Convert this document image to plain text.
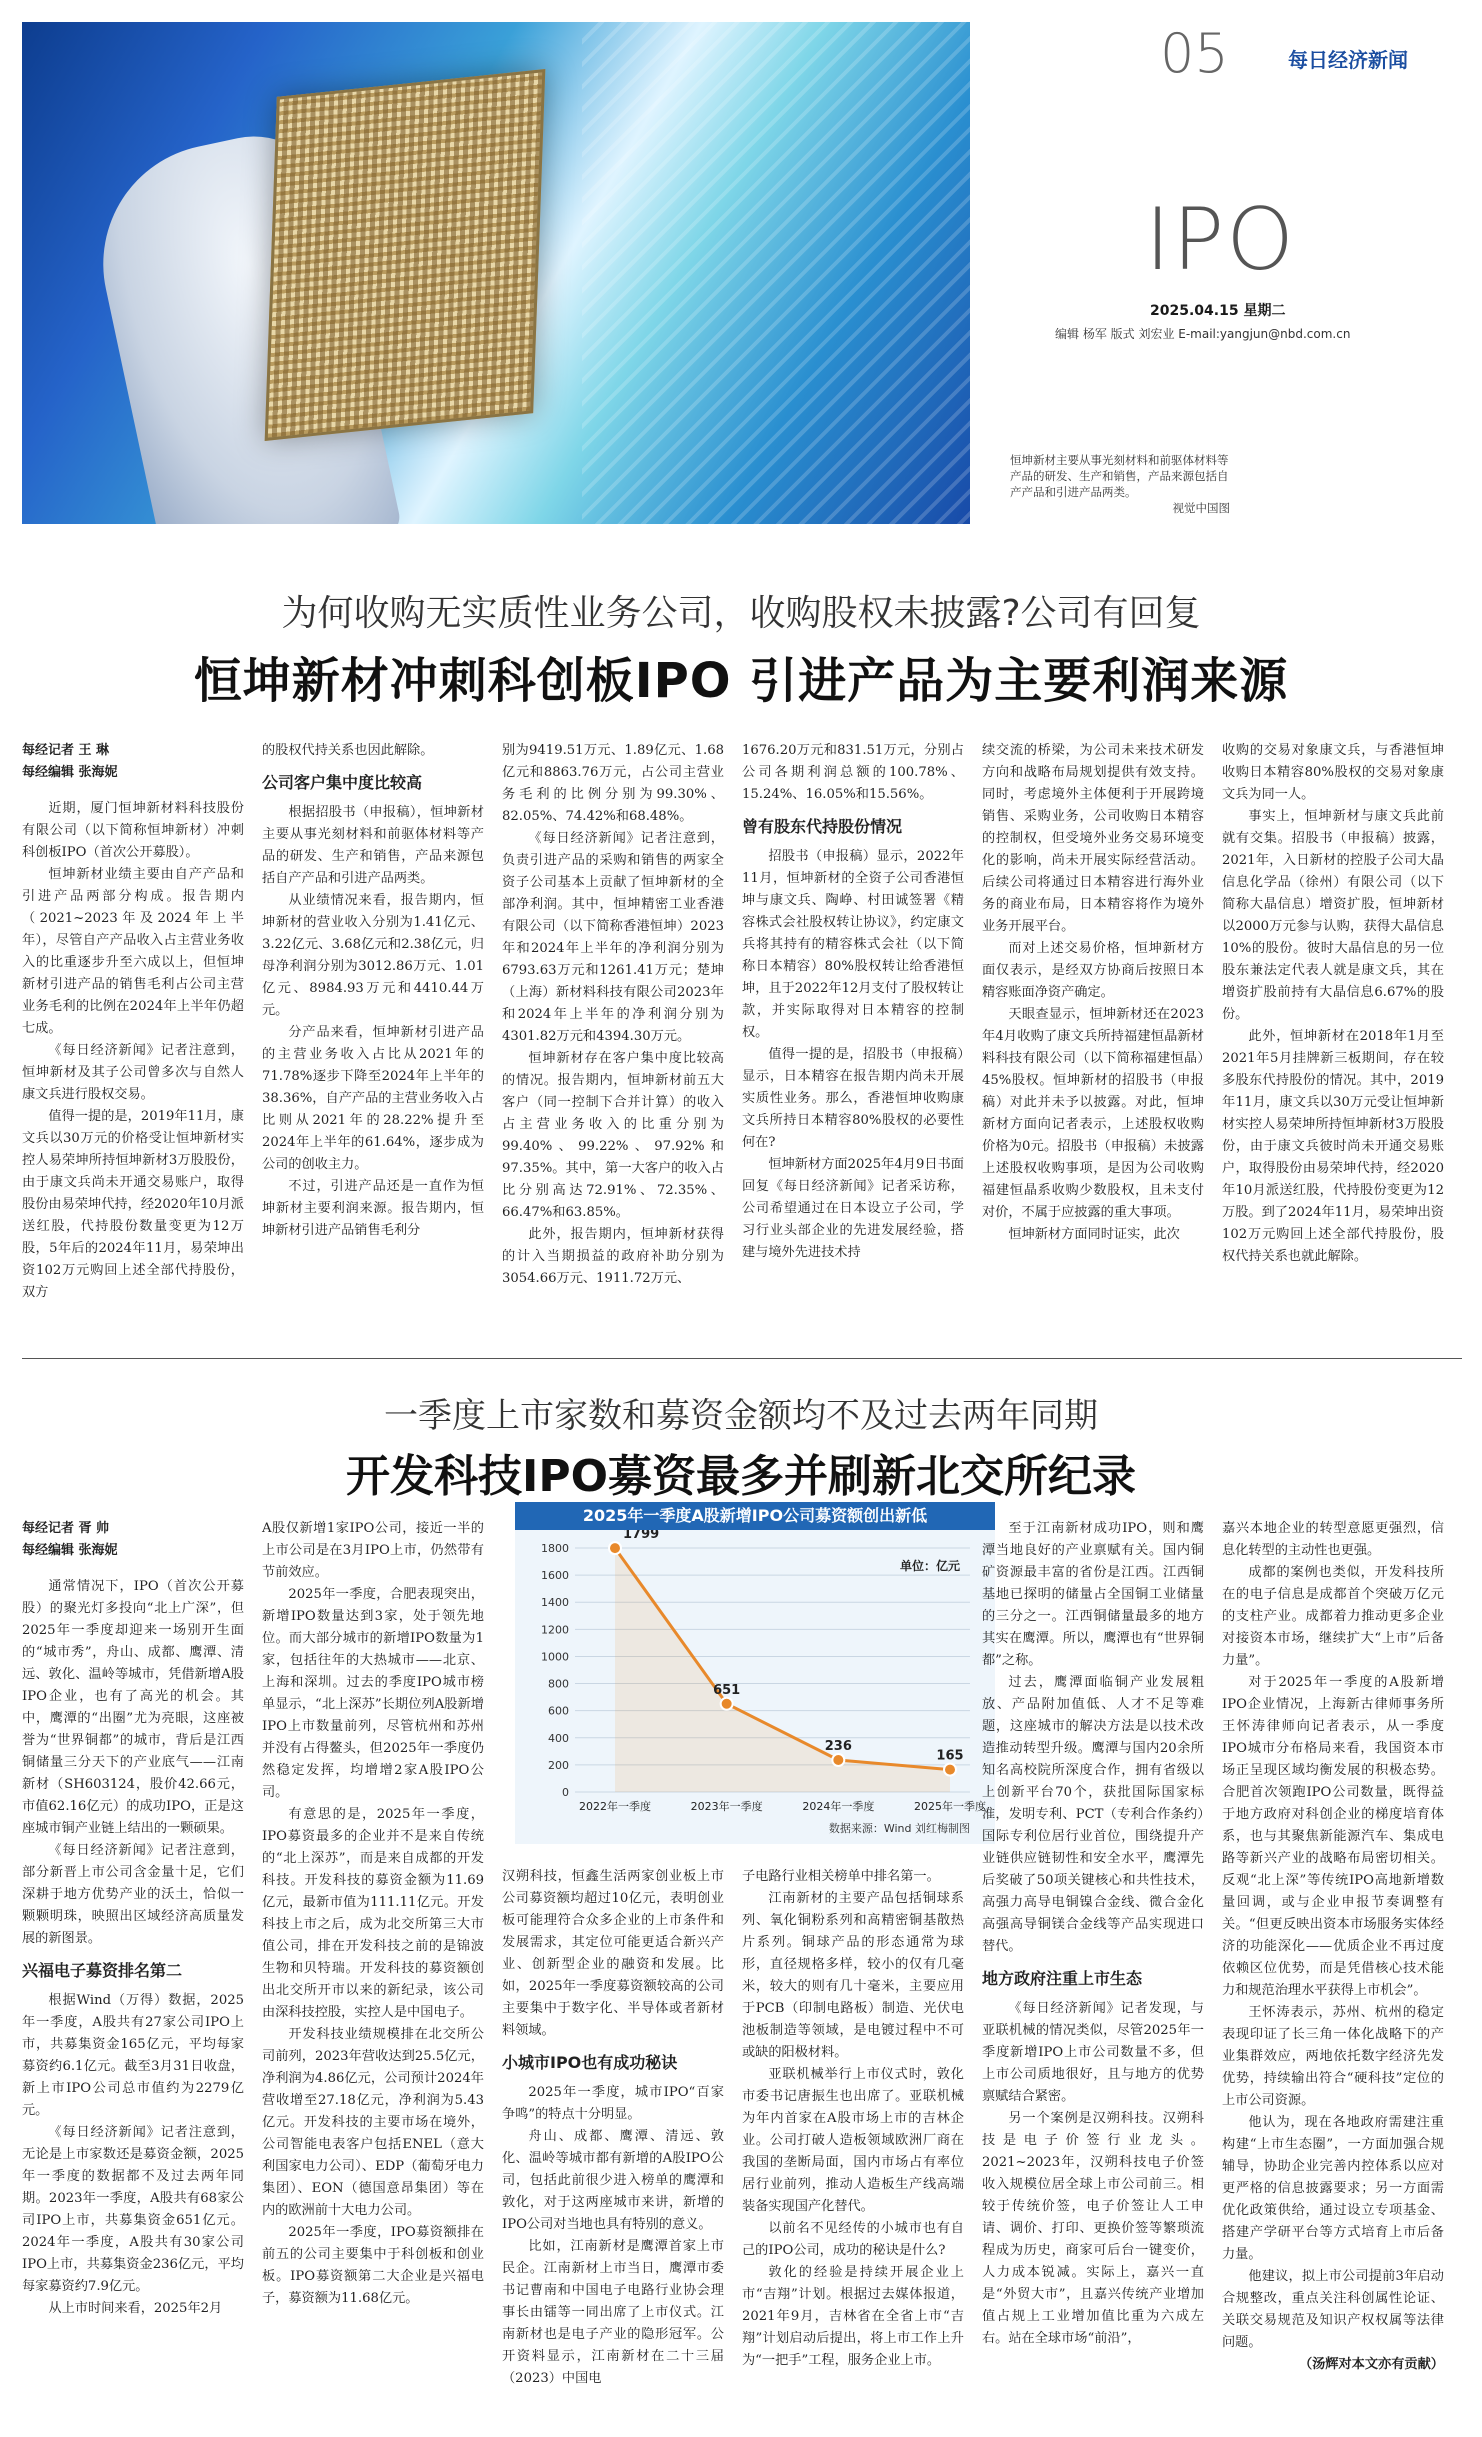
05	每日经济新闻
IPO
2025.04.15 星期二
编辑 杨军 版式 刘宏业 E-mail:yangjun@nbd.com.cn
恒坤新材主要从事光刻材料和前驱体材料等产品的研发、生产和销售，产品来源包括自产产品和引进产品两类。
视觉中国图
为何收购无实质性业务公司，收购股权未披露?公司有回复
恒坤新材冲刺科创板IPO 引进产品为主要利润来源

每经记者 王 琳

每经编辑 张海妮

近期，厦门恒坤新材料科技股份有限公司（以下简称恒坤新材）冲刺科创板IPO（首次公开募股）。

恒坤新材业绩主要由自产产品和引进产品两部分构成。报告期内（2021~2023年及2024年上半年），尽管自产产品收入占主营业务收入的比重逐步升至六成以上，但恒坤新材引进产品的销售毛利占公司主营业务毛利的比例在2024年上半年仍超七成。

《每日经济新闻》记者注意到，恒坤新材及其子公司曾多次与自然人康文兵进行股权交易。

值得一提的是，2019年11月，康文兵以30万元的价格受让恒坤新材实控人易荣坤所持恒坤新材3万股股份，由于康文兵尚未开通交易账户，取得股份由易荣坤代持，经2020年10月派送红股，代持股份数量变更为12万股，5年后的2024年11月，易荣坤出资102万元购回上述全部代持股份，双方

的股权代持关系也因此解除。

公司客户集中度比较高

根据招股书（申报稿），恒坤新材主要从事光刻材料和前驱体材料等产品的研发、生产和销售，产品来源包括自产产品和引进产品两类。

从业绩情况来看，报告期内，恒坤新材的营业收入分别为1.41亿元、3.22亿元、3.68亿元和2.38亿元，归母净利润分别为3012.86万元、1.01亿元、8984.93万元和4410.44万元。

分产品来看，恒坤新材引进产品的主营业务收入占比从2021年的71.78%逐步下降至2024年上半年的38.36%，自产产品的主营业务收入占比则从2021年的28.22%提升至2024年上半年的61.64%，逐步成为公司的创收主力。

不过，引进产品还是一直作为恒坤新材主要利润来源。报告期内，恒坤新材引进产品销售毛利分

别为9419.51万元、1.89亿元、1.68亿元和8863.76万元，占公司主营业务毛利的比例分别为99.30%、82.05%、74.42%和68.48%。

《每日经济新闻》记者注意到，负责引进产品的采购和销售的两家全资子公司基本上贡献了恒坤新材的全部净利润。其中，恒坤精密工业香港有限公司（以下简称香港恒坤）2023年和2024年上半年的净利润分别为6793.63万元和1261.41万元；楚坤（上海）新材料科技有限公司2023年和2024年上半年的净利润分别为4301.82万元和4394.30万元。

恒坤新材存在客户集中度比较高的情况。报告期内，恒坤新材前五大客户（同一控制下合并计算）的收入占主营业务收入的比重分别为99.40%、99.22%、97.92%和97.35%。其中，第一大客户的收入占比分别高达72.91%、72.35%、66.47%和63.85%。

此外，报告期内，恒坤新材获得的计入当期损益的政府补助分别为3054.66万元、1911.72万元、

1676.20万元和831.51万元，分别占公司各期利润总额的100.78%、15.24%、16.05%和15.56%。

曾有股东代持股份情况

招股书（申报稿）显示，2022年11月，恒坤新材的全资子公司香港恒坤与康文兵、陶峥、村田诚签署《精容株式会社股权转让协议》，约定康文兵将其持有的精容株式会社（以下简称日本精容）80%股权转让给香港恒坤，且于2022年12月支付了股权转让款，并实际取得对日本精容的控制权。

值得一提的是，招股书（申报稿）显示，日本精容在报告期内尚未开展实质性业务。那么，香港恒坤收购康文兵所持日本精容80%股权的必要性何在?

恒坤新材方面2025年4月9日书面回复《每日经济新闻》记者采访称，公司希望通过在日本设立子公司，学习行业头部企业的先进发展经验，搭建与境外先进技术持

续交流的桥梁，为公司未来技术研发方向和战略布局规划提供有效支持。同时，考虑境外主体便利于开展跨境销售、采购业务，公司收购日本精容的控制权，但受境外业务交易环境变化的影响，尚未开展实际经营活动。后续公司将通过日本精容进行海外业务的商业布局，日本精容将作为境外业务开展平台。

而对上述交易价格，恒坤新材方面仅表示，是经双方协商后按照日本精容账面净资产确定。

天眼查显示，恒坤新材还在2023年4月收购了康文兵所持福建恒晶新材料科技有限公司（以下简称福建恒晶）45%股权。恒坤新材的招股书（申报稿）对此并未予以披露。对此，恒坤新材方面向记者表示，上述股权收购价格为0元。招股书（申报稿）未披露上述股权收购事项，是因为公司收购福建恒晶系收购少数股权，且未支付对价，不属于应披露的重大事项。

恒坤新材方面同时证实，此次

收购的交易对象康文兵，与香港恒坤收购日本精容80%股权的交易对象康文兵为同一人。

事实上，恒坤新材与康文兵此前就有交集。招股书（申报稿）披露，2021年，入日新材的控股子公司大晶信息化学品（徐州）有限公司（以下简称大晶信息）增资扩股，恒坤新材以2000万元参与认购，获得大晶信息10%的股份。彼时大晶信息的另一位股东兼法定代表人就是康文兵，其在增资扩股前持有大晶信息6.67%的股份。

此外，恒坤新材在2018年1月至2021年5月挂牌新三板期间，存在较多股东代持股份的情况。其中，2019年11月，康文兵以30万元受让恒坤新材实控人易荣坤所持恒坤新材3万股股份，由于康文兵彼时尚未开通交易账户，取得股份由易荣坤代持，经2020年10月派送红股，代持股份变更为12万股。到了2024年11月，易荣坤出资102万元购回上述全部代持股份，股权代持关系也就此解除。

一季度上市家数和募资金额均不及过去两年同期
开发科技IPO募资最多并刷新北交所纪录

每经记者 胥 帅

每经编辑 张海妮

通常情况下，IPO（首次公开募股）的聚光灯多投向“北上广深”，但2025年一季度却迎来一场别开生面的“城市秀”，舟山、成都、鹰潭、清远、敦化、温岭等城市，凭借新增A股IPO企业，也有了高光的机会。其中，鹰潭的“出圈”尤为亮眼，这座被誉为“世界铜都”的城市，背后是江西铜储量三分天下的产业底气——江南新材（SH603124，股价42.66元，市值62.16亿元）的成功IPO，正是这座城市铜产业链上结出的一颗硕果。

《每日经济新闻》记者注意到，部分新晋上市公司含金量十足，它们深耕于地方优势产业的沃土，恰似一颗颗明珠，映照出区域经济高质量发展的新图景。

兴福电子募资排名第二

根据Wind（万得）数据，2025年一季度，A股共有27家公司IPO上市，共募集资金165亿元，平均每家募资约6.1亿元。截至3月31日收盘，新上市IPO公司总市值约为2279亿元。

《每日经济新闻》记者注意到，无论是上市家数还是募资金额，2025年一季度的数据都不及过去两年同期。2023年一季度，A股共有68家公司IPO上市，共募集资金651亿元。2024年一季度，A股共有30家公司IPO上市，共募集资金236亿元，平均每家募资约7.9亿元。

从上市时间来看，2025年2月

A股仅新增1家IPO公司，接近一半的上市公司是在3月IPO上市，仍然带有节前效应。

2025年一季度，合肥表现突出，新增IPO数量达到3家，处于领先地位。而大部分城市的新增IPO数量为1家，包括往年的大热城市——北京、上海和深圳。过去的季度IPO城市榜单显示，“北上深苏”长期位列A股新增IPO上市数量前列，尽管杭州和苏州并没有占得鳌头，但2025年一季度仍然稳定发挥，均增增2家A股IPO公司。

有意思的是，2025年一季度，IPO募资最多的企业并不是来自传统的“北上深苏”，而是来自成都的开发科技。开发科技的募资金额为11.69亿元，最新市值为111.11亿元。开发科技上市之后，成为北交所第三大市值公司，排在开发科技之前的是锦波生物和贝特瑞。开发科技的募资额创出北交所开市以来的新纪录，该公司由深科技控股，实控人是中国电子。

开发科技业绩规模排在北交所公司前列，2023年营收达到25.5亿元，净利润为4.86亿元，公司预计2024年营收增至27.18亿元，净利润为5.43亿元。开发科技的主要市场在境外，公司智能电表客户包括ENEL（意大利国家电力公司）、EDP（葡萄牙电力集团）、EON（德国意昂集团）等在内的欧洲前十大电力公司。

2025年一季度，IPO募资额排在前五的公司主要集中于科创板和创业板。IPO募资额第二大企业是兴福电子，募资额为11.68亿元。

2025年一季度A股新增IPO公司募资额创出新低
0
200
400
600
800
1000
1200
1400
1600
1800
单位：亿元
1799
2022年一季度
651
2023年一季度
236
2024年一季度
165
2025年一季度
数据来源：Wind 刘红梅制图

汉朔科技，恒鑫生活两家创业板上市公司募资额均超过10亿元，表明创业板可能理符合众多企业的上市条件和发展需求，其定位可能更适合新兴产业、创新型企业的融资和发展。比如，2025年一季度募资额较高的公司主要集中于数字化、半导体或者新材料领域。

小城市IPO也有成功秘诀

2025年一季度，城市IPO“百家争鸣”的特点十分明显。

舟山、成都、鹰潭、清远、敦化、温岭等城市都有新增的A股IPO公司，包括此前很少进入榜单的鹰潭和敦化，对于这两座城市来讲，新增的IPO公司对当地也具有特别的意义。

比如，江南新材是鹰潭首家上市民企。江南新材上市当日，鹰潭市委书记曹南和中国电子电路行业协会理事长由镭等一同出席了上市仪式。江南新材也是电子产业的隐形冠军。公开资料显示，江南新材在二十三届（2023）中国电

子电路行业相关榜单中排名第一。

江南新材的主要产品包括铜球系列、氧化铜粉系列和高精密铜基散热片系列。铜球产品的形态通常为球形，直径规格多样，较小的仅有几毫米，较大的则有几十毫米，主要应用于PCB（印制电路板）制造、光伏电池板制造等领域，是电镀过程中不可或缺的阳极材料。

亚联机械举行上市仪式时，敦化市委书记唐振生也出席了。亚联机械为年内首家在A股市场上市的吉林企业。公司打破人造板领域欧洲厂商在我国的垄断局面，国内市场占有率位居行业前列，推动人造板生产线高端装备实现国产化替代。

以前名不见经传的小城市也有自己的IPO公司，成功的秘诀是什么?

敦化的经验是持续开展企业上市“吉翔”计划。根据过去媒体报道，2021年9月，吉林省在全省上市“吉翔”计划启动后提出，将上市工作上升为“一把手”工程，服务企业上市。

至于江南新材成功IPO，则和鹰潭当地良好的产业禀赋有关。国内铜矿资源最丰富的省份是江西。江西铜基地已探明的储量占全国铜工业储量的三分之一。江西铜储量最多的地方其实在鹰潭。所以，鹰潭也有“世界铜都”之称。

过去，鹰潭面临铜产业发展粗放、产品附加值低、人才不足等难题，这座城市的解决方法是以技术改造推动转型升级。鹰潭与国内20余所知名高校院所深度合作，拥有省级以上创新平台70个，获批国际国家标准，发明专利、PCT（专利合作条约）国际专利位居行业首位，围绕提升产业链供应链韧性和安全水平，鹰潭先后奖破了50项关键核心和共性技术，高强力高导电铜镍合金线、微合金化高强高导铜镁合金线等产品实现进口替代。

地方政府注重上市生态

《每日经济新闻》记者发现，与亚联机械的情况类似，尽管2025年一季度新增IPO上市公司数量不多，但上市公司质地很好，且与地方的优势禀赋结合紧密。

另一个案例是汉朔科技。汉朔科技是电子价签行业龙头。2021~2023年，汉朔科技电子价签收入规模位居全球上市公司前三。相较于传统价签，电子价签让人工申请、调价、打印、更换价签等繁琐流程成为历史，商家可后台一键变价，人力成本锐减。实际上，嘉兴一直是“外贸大市”，且嘉兴传统产业增加值占规上工业增加值比重为六成左右。站在全球市场“前沿”，

嘉兴本地企业的转型意愿更强烈，信息化转型的主动性也更强。

成都的案例也类似，开发科技所在的电子信息是成都首个突破万亿元的支柱产业。成都着力推动更多企业对接资本市场，继续扩大“上市”后备力量”。

对于2025年一季度的A股新增IPO企业情况，上海新古律师事务所王怀涛律师向记者表示，从一季度IPO城市分布格局来看，我国资本市场正呈现区域均衡发展的积极态势。合肥首次领跑IPO公司数量，既得益于地方政府对科创企业的梯度培育体系，也与其聚焦新能源汽车、集成电路等新兴产业的战略布局密切相关。反观“北上深”等传统IPO高地新增数量回调，或与企业申报节奏调整有关。“但更反映出资本市场服务实体经济的功能深化——优质企业不再过度依赖区位优势，而是凭借核心技术能力和规范治理水平获得上市机会”。

王怀涛表示，苏州、杭州的稳定表现印证了长三角一体化战略下的产业集群效应，两地依托数字经济先发优势，持续输出符合“硬科技”定位的上市公司资源。

他认为，现在各地政府需建注重构建“上市生态圈”，一方面加强合规辅导，协助企业完善内控体系以应对更严格的信息披露要求；另一方面需优化政策供给，通过设立专项基金、搭建产学研平台等方式培育上市后备力量。

他建议，拟上市公司提前3年启动合规整改，重点关注科创属性论证、关联交易规范及知识产权权属等法律问题。

（汤辉对本文亦有贡献）
